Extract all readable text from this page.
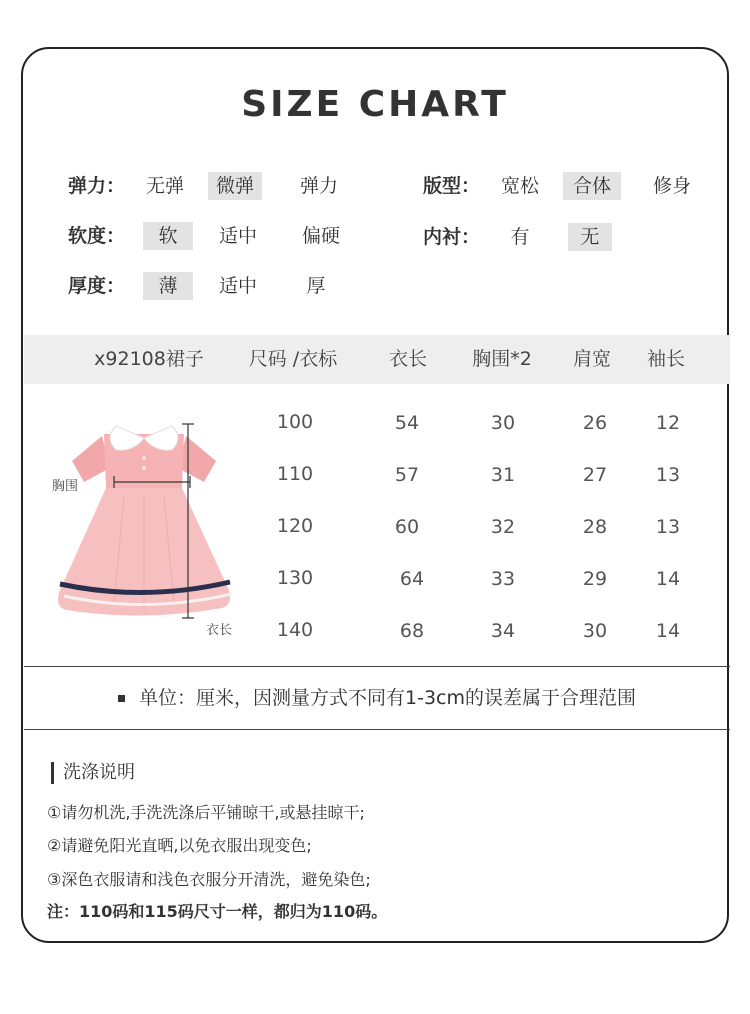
SIZE CHART
弹力：	无弹	微弹	弹力
软度：	软	适中	偏硬
厚度：	薄	适中	厚
版型：	宽松	合体	修身
内衬：	有	无
x92108裙子	尺码 /衣标	衣长	胸围*2	肩宽	袖长
胸围
衣长
100	54	30	26	12
110	57	31	27	13
120	60	32	28	13
130	64	33	29	14
140	68	34	30	14
单位：厘米，因测量方式不同有1-3cm的误差属于合理范围
洗涤说明
①请勿机洗,手洗洗涤后平铺晾干,或悬挂晾干;
②请避免阳光直晒,以免衣服出现变色;
③深色衣服请和浅色衣服分开清洗，避免染色;
注：110码和115码尺寸一样，都归为110码。
